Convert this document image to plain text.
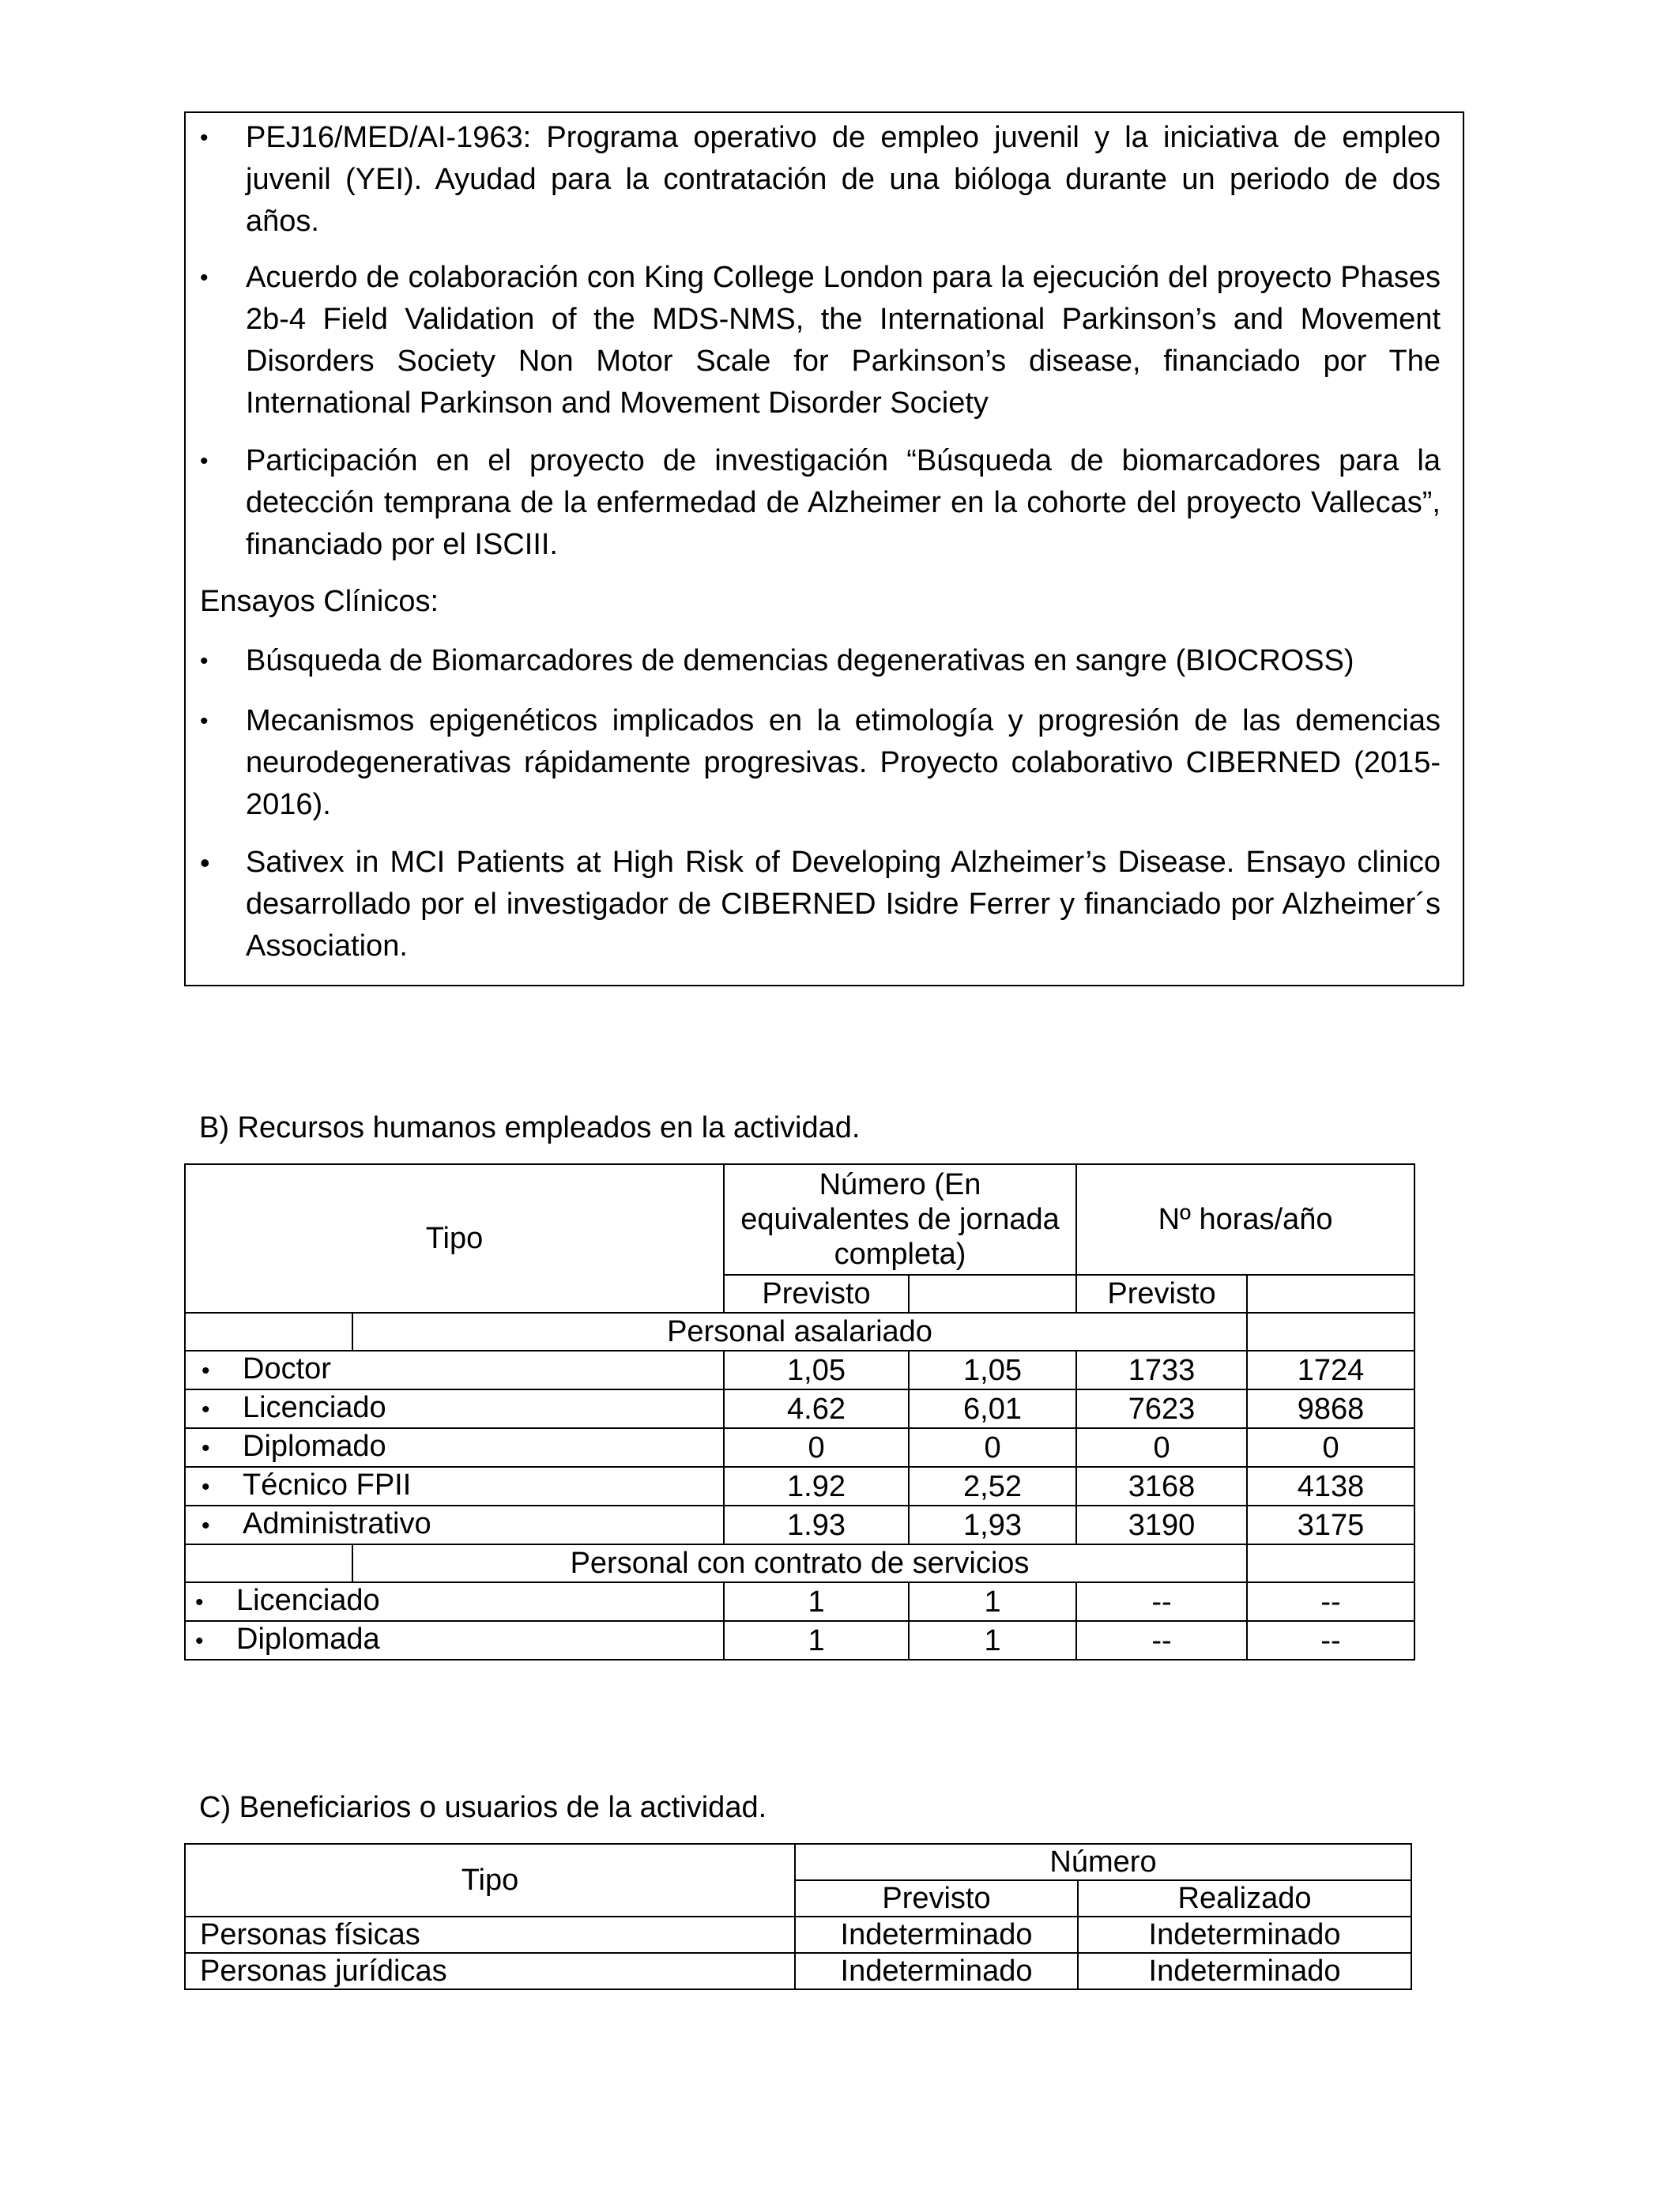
• PEJ16/MED/AI-1963: Programa operativo de empleo juvenil y la iniciativa de empleo juvenil (YEI). Ayudad para la contratación de una bióloga durante un periodo de dos años.

• Acuerdo de colaboración con King College London para la ejecución del proyecto Phases 2b-4 Field Validation of the MDS-NMS, the International Parkinson’s and Movement Disorders Society Non Motor Scale for Parkinson’s disease, financiado por The International Parkinson and Movement Disorder Society

• Participación en el proyecto de investigación “Búsqueda de biomarcadores para la detección temprana de la enfermedad de Alzheimer en la cohorte del proyecto Vallecas”, financiado por el ISCIII.

Ensayos Clínicos:

• Búsqueda de Biomarcadores de demencias degenerativas en sangre (BIOCROSS)

• Mecanismos epigenéticos implicados en la etimología y progresión de las demencias neurodegenerativas rápidamente progresivas. Proyecto colaborativo CIBERNED (2015-2016).

• Sativex in MCI Patients at High Risk of Developing Alzheimer’s Disease. Ensayo clinico desarrollado por el investigador de CIBERNED Isidre Ferrer y financiado por Alzheimer´s Association.

B) Recursos humanos empleados en la actividad.

Tipo		Número (En equivalentes de jornada completa)		Nº horas/año	
		Previsto		Previsto	
	Personal asalariado				
• Doctor		1,05	1,05	1733	1724
• Licenciado		4.62	6,01	7623	9868
• Diplomado		0	0	0	0
• Técnico FPII		1.92	2,52	3168	4138
• Administrativo		1.93	1,93	3190	3175
	Personal con contrato de servicios				
• Licenciado		1	1	--	--
• Diplomada		1	1	--	--

C) Beneficiarios o usuarios de la actividad.

Tipo	Número	
	Previsto	Realizado
Personas físicas	Indeterminado	Indeterminado
Personas jurídicas	Indeterminado	Indeterminado
